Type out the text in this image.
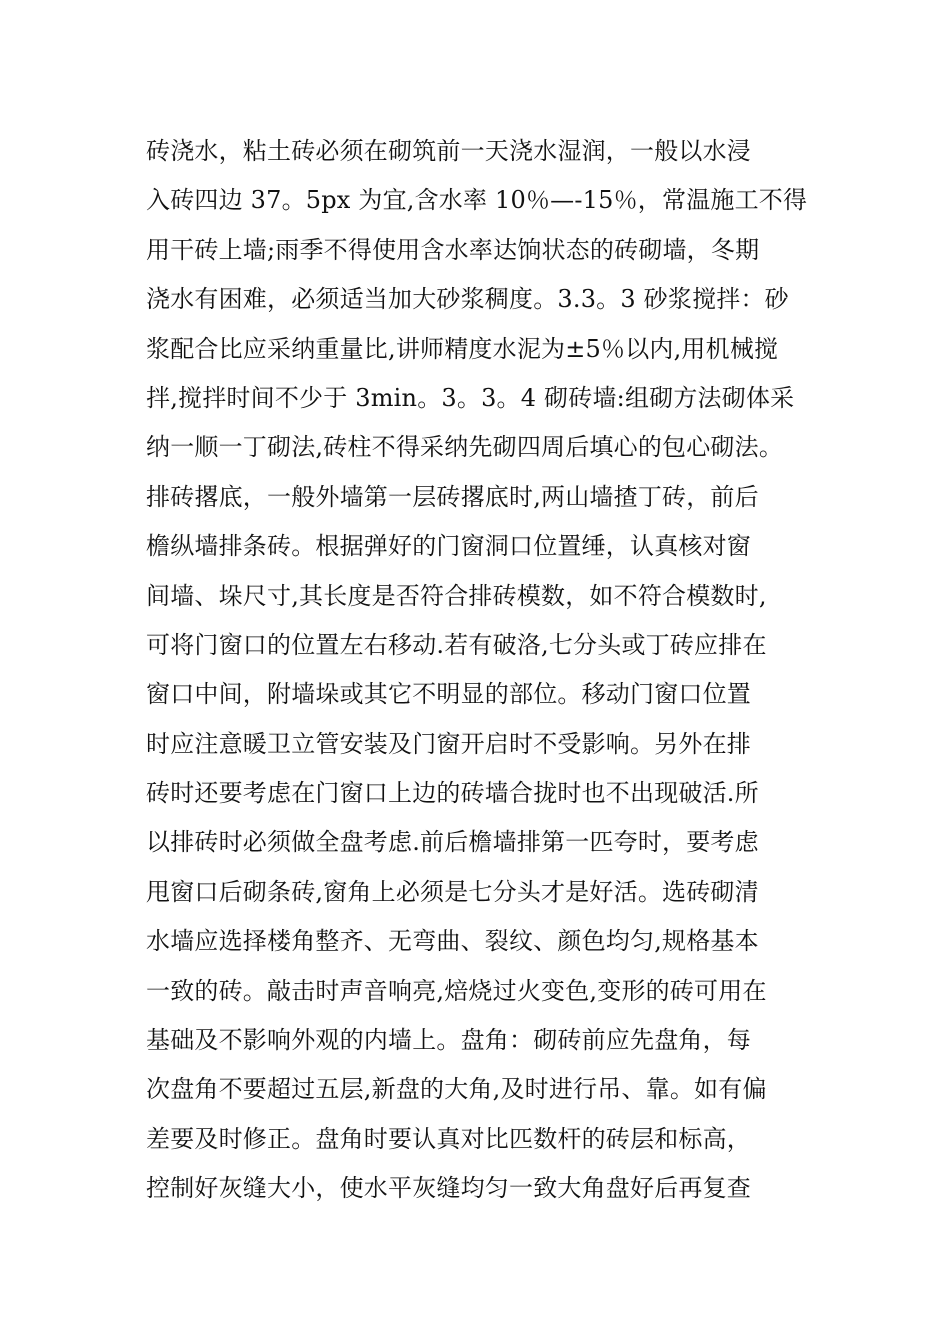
砖浇水，粘土砖必须在砌筑前一天浇水湿润，一般以水浸
入砖四边 37。5px 为宜,含水率 10％—-15％，常温施工不得
用干砖上墙;雨季不得使用含水率达饷状态的砖砌墙，冬期
浇水有困难，必须适当加大砂浆稠度。3.3。3 砂浆搅拌：砂
浆配合比应采纳重量比,讲师精度水泥为±5％以内,用机械搅
拌,搅拌时间不少于 3min。3。3。4 砌砖墙:组砌方法砌体采
纳一顺一丁砌法,砖柱不得采纳先砌四周后填心的包心砌法。
排砖撂底，一般外墙第一层砖撂底时,两山墙揸丁砖，前后
檐纵墙排条砖。根据弹好的门窗洞口位置缍，认真核对窗
间墙、垛尺寸,其长度是否符合排砖模数，如不符合模数时,
可将门窗口的位置左右移动.若有破洛,七分头或丁砖应排在
窗口中间，附墙垛或其它不明显的部位。移动门窗口位置
时应注意暖卫立管安装及门窗开启时不受影响。另外在排
砖时还要考虑在门窗口上边的砖墙合拢时也不出现破活.所
以排砖时必须做全盘考虑.前后檐墙排第一匹夸时，要考虑
甩窗口后砌条砖,窗角上必须是七分头才是好活。选砖砌清
水墙应选择楼角整齐、无弯曲、裂纹、颜色均匀,规格基本
一致的砖。敲击时声音响亮,焙烧过火变色,变形的砖可用在
基础及不影响外观的内墙上。盘角：砌砖前应先盘角，每
次盘角不要超过五层,新盘的大角,及时进行吊、靠。如有偏
差要及时修正。盘角时要认真对比匹数杆的砖层和标高，
控制好灰缝大小，使水平灰缝均匀一致大角盘好后再复查
